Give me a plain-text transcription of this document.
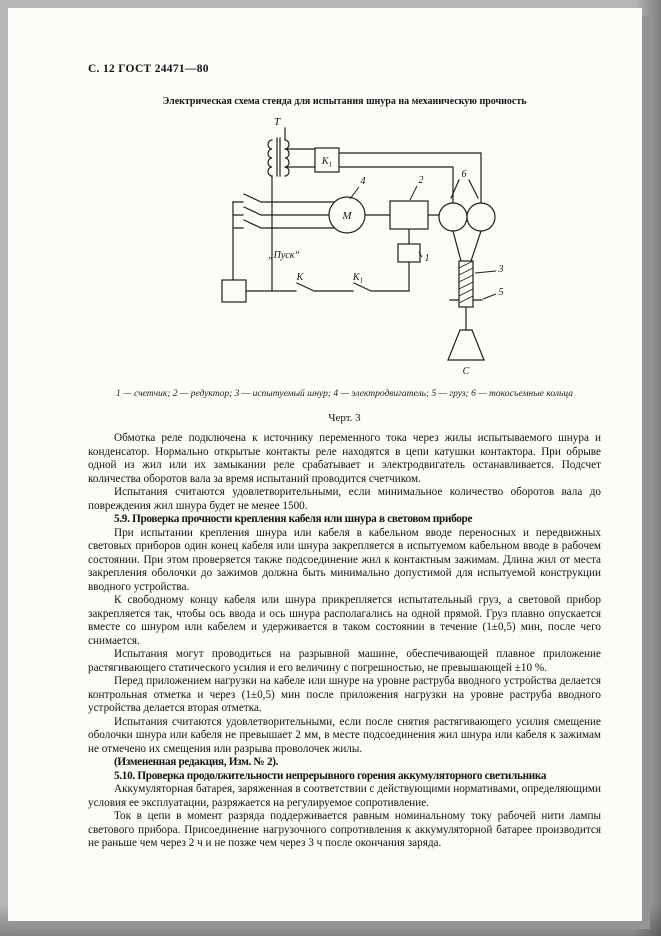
С. 12 ГОСТ 24471—80
Электрическая схема стенда для испытания шнура на механическую прочность
Т
$К_1$
М
4	2
6
1
„Пуск“
К	$К_1$
3
5
С
1 — счетчик; 2 — редуктор; 3 — испытуемый шнур; 4 — электродвигатель; 5 — груз; 6 — токосъемные кольца
Черт. 3

Обмотка реле подключена к источнику переменного тока через жилы испытываемого шнура и конденсатор. Нормально открытые контакты реле находятся в цепи катушки контактора. При обрыве одной из жил или их замыкании реле срабатывает и электродвигатель останавливается. Подсчет количества оборотов вала за время испытаний проводится счетчиком.

Испытания считаются удовлетворительными, если минимальное количество оборотов вала до повреждения жил шнура будет не менее 1500.

5.9. Проверка прочности крепления кабеля или шнура в световом приборе

При испытании крепления шнура или кабеля в кабельном вводе переносных и передвижных световых приборов один конец кабеля или шнура закрепляется в испытуемом кабельном вводе в рабочем состоянии. При этом проверяется также подсоединение жил к контактным зажимам. Длина жил от места закрепления оболочки до зажимов должна быть минимально допустимой для испытуемой конструкции вводного устройства.

К свободному концу кабеля или шнура прикрепляется испытательный груз, а световой прибор закрепляется так, чтобы ось ввода и ось шнура располагались на одной прямой. Груз плавно опускается вместе со шнуром или кабелем и удерживается в таком состоянии в течение (1±0,5) мин, после чего снимается.

Испытания могут проводиться на разрывной машине, обеспечивающей плавное приложение растягивающего статического усилия и его величину с погрешностью, не превышающей ±10 %.

Перед приложением нагрузки на кабеле или шнуре на уровне раструба вводного устройства делается контрольная отметка и через (1±0,5) мин после приложения нагрузки на уровне раструба вводного устройства делается вторая отметка.

Испытания считаются удовлетворительными, если после снятия растягивающего усилия смещение оболочки шнура или кабеля не превышает 2 мм, в месте подсоединения жил шнура или кабеля к зажимам не отмечено их смещения или разрыва проволочек жилы.

(Измененная редакция, Изм. № 2).

5.10. Проверка продолжительности непрерывного горения аккумуляторного светильника

Аккумуляторная батарея, заряженная в соответствии с действующими нормативами, определяющими условия ее эксплуатации, разряжается на регулируемое сопротивление.

Ток в цепи в момент разряда поддерживается равным номинальному току рабочей нити лампы светового прибора. Присоединение нагрузочного сопротивления к аккумуляторной батарее производится не раньше чем через 2 ч и не позже чем через 3 ч после окончания заряда.
